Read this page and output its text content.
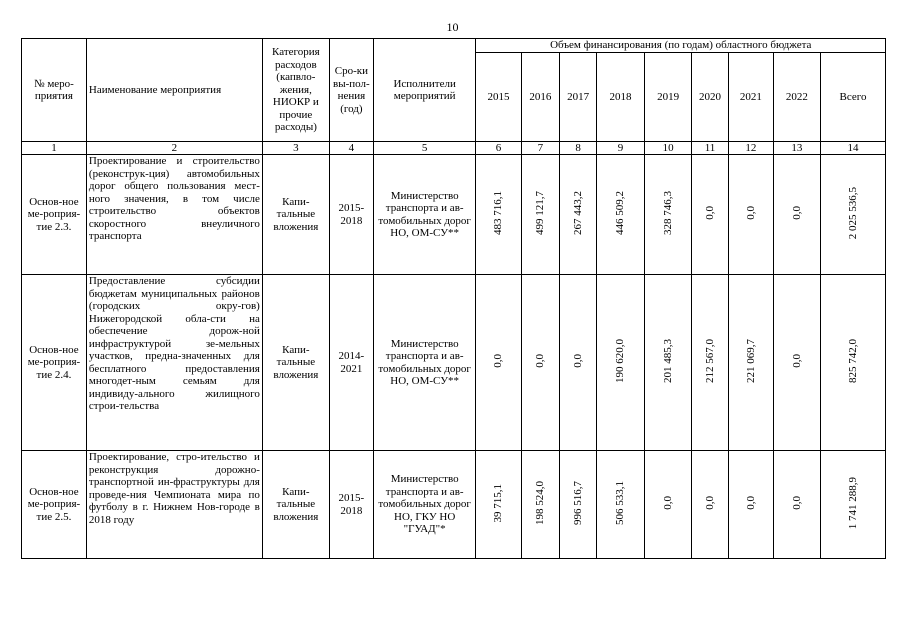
10
№ меро-
приятия	Наименование мероприятия	Категория расходов (капвло-жения, НИОКР и прочие расходы)	Сро-ки вы-пол-нения (год)	Исполнители мероприятий	Объем финансирования (по годам) областного бюджета								
					2015	2016	2017	2018	2019	2020	2021	2022	Всего
1	2	3	4	5	6	7	8	9	10	11	12	13	14
Основ-ное ме-роприя-тие 2.3.	Проектирование и строительство (реконструк-ция) автомобильных дорог общего пользования мест-ного значения, в том числе строительство объектов скоростного внеуличного транспорта	Капи-тальные вложения	2015-2018	Министерство транспорта и ав-томобильных дорог НО, ОМ-СУ**	483 716,1	499 121,7	267 443,2	446 509,2	328 746,3	0,0	0,0	0,0	2 025 536,5
Основ-ное ме-роприя-тие 2.4.	Предоставление субсидии бюджетам муниципальных районов (городских окру-гов) Нижегородской обла-сти на обеспечение дорож-ной инфраструктурой зе-мельных участков, предна-значенных для бесплатного предоставления многодет-ным семьям для индивиду-ального жилищного строи-тельства	Капи-тальные вложения	2014-2021	Министерство транспорта и ав-томобильных дорог НО, ОМ-СУ**	0,0	0,0	0,0	190 620,0	201 485,3	212 567,0	221 069,7	0,0	825 742,0
Основ-ное ме-роприя-тие 2.5.	Проектирование, стро-ительство и реконструкция дорожно-транспортной ин-фраструктуры для проведе-ния Чемпионата мира по футболу в г. Нижнем Нов-городе в 2018 году	Капи-тальные вложения	2015-2018	Министерство транспорта и ав-томобильных дорог НО, ГКУ НО "ГУАД"*	39 715,1	198 524,0	996 516,7	506 533,1	0,0	0,0	0,0	0,0	1 741 288,9
